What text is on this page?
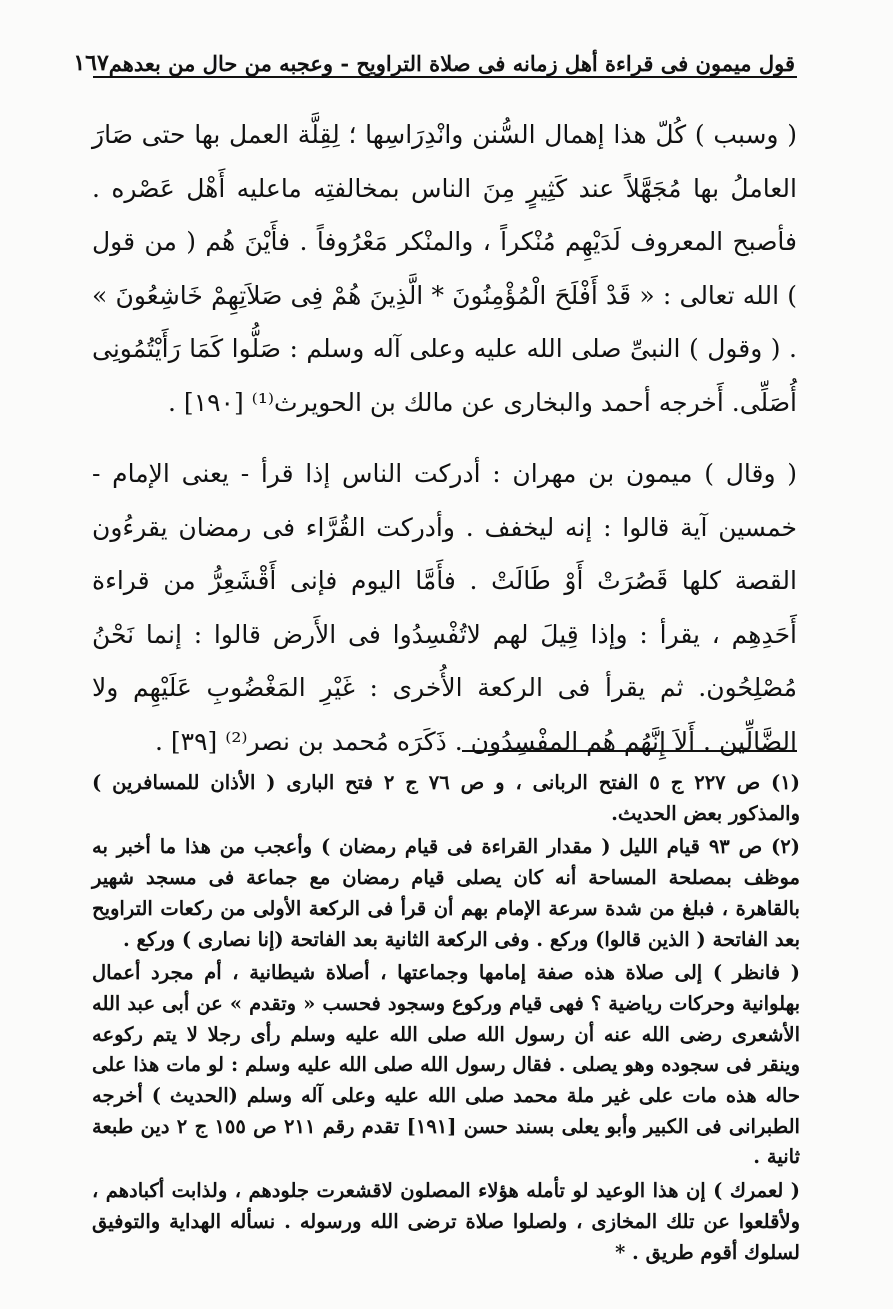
قول ميمون فى قراءة أهل زمانه فى صلاة التراويح - وعجبه من حال من بعدهم
١٦٧

( وسبب ) كُلّ هذا إهمال السُّنن وانْدِرَاسِها ؛ لِقِلَّة العمل بها حتى صَارَ العاملُ بها مُجَهَّلاً عند كَثِيرٍ مِنَ الناس بمخالفتِه ماعليه أَهْل عَصْره . فأصبح المعروف لَدَيْهِم مُنْكراً ، والمنْكر مَعْرُوفاً . فأَيْنَ هُم ( من قول ) الله تعالى : « قَدْ أَفْلَحَ الْمُؤْمِنُونَ * الَّذِينَ هُمْ فِى صَلاَتِهِمْ خَاشِعُونَ » . ( وقول ) النبىِّ صلى الله عليه وعلى آله وسلم : صَلُّوا كَمَا رَأَيْتُمُونِى أُصَلِّى. أَخرجه أحمد والبخارى عن مالك بن الحويرث⁽¹⁾ [١٩٠] .

( وقال ) ميمون بن مهران : أدركت الناس إذا قرأ - يعنى الإمام - خمسين آية قالوا : إنه ليخفف . وأدركت القُرَّاء فى رمضان يقرءُون القصة كلها قَصُرَتْ أَوْ طَالَتْ . فأَمَّا اليوم فإنى أَقْشَعِرُّ من قراءة أَحَدِهِم ، يقرأ : وإذا قِيلَ لهم لاتُفْسِدُوا فى الأَرض قالوا : إنما نَحْنُ مُصْلِحُون. ثم يقرأ فى الركعة الأُخرى : غَيْرِ المَغْضُوبِ عَلَيْهِم ولا الضَّالِّين . أَلاَ إِنَّهُم هُم المفْسِدُون . ذَكَرَه مُحمد بن نصر⁽²⁾ [٣٩] .

(١) ص ٢٢٧ ج ٥ الفتح الربانى ، و ص ٧٦ ج ٢ فتح البارى ( الأذان للمسافرين ) والمذكور بعض الحديث.

(٢) ص ٩٣ قيام الليل ( مقدار القراءة فى قيام رمضان ) وأعجب من هذا ما أخبر به موظف بمصلحة المساحة أنه كان يصلى قيام رمضان مع جماعة فى مسجد شهير بالقاهرة ، فبلغ من شدة سرعة الإمام بهم أن قرأ فى الركعة الأولى من ركعات التراويح بعد الفاتحة ( الذين قالوا) وركع . وفى الركعة الثانية بعد الفاتحة (إنا نصارى ) وركع .

( فانظر ) إلى صلاة هذه صفة إمامها وجماعتها ، أصلاة شيطانية ، أم مجرد أعمال بهلوانية وحركات رياضية ؟ فهى قيام وركوع وسجود فحسب « وتقدم » عن أبى عبد الله الأشعرى رضى الله عنه أن رسول الله صلى الله عليه وسلم رأى رجلا لا يتم ركوعه وينقر فى سجوده وهو يصلى . فقال رسول الله صلى الله عليه وسلم : لو مات هذا على حاله هذه مات على غير ملة محمد صلى الله عليه وعلى آله وسلم (الحديث ) أخرجه الطبرانى فى الكبير وأبو يعلى بسند حسن [١٩١] تقدم رقم ٢١١ ص ١٥٥ ج ٢ دين طبعة ثانية .

( لعمرك ) إن هذا الوعيد لو تأمله هؤلاء المصلون لاقشعرت جلودهم ، ولذابت أكبادهم ، ولأقلعوا عن تلك المخازى ، ولصلوا صلاة ترضى الله ورسوله . نسأله الهداية والتوفيق لسلوك أقوم طريق . *
